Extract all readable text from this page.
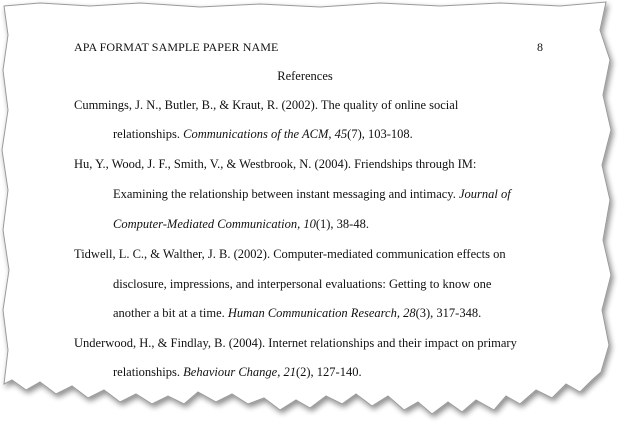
APA FORMAT SAMPLE PAPER NAME	8
References
Cummings, J. N., Butler, B., & Kraut, R. (2002). The quality of online social
relationships. Communications of the ACM, 45(7), 103-108.
Hu, Y., Wood, J. F., Smith, V., & Westbrook, N. (2004). Friendships through IM:
Examining the relationship between instant messaging and intimacy. Journal of
Computer-Mediated Communication, 10(1), 38-48.
Tidwell, L. C., & Walther, J. B. (2002). Computer-mediated communication effects on
disclosure, impressions, and interpersonal evaluations: Getting to know one
another a bit at a time. Human Communication Research, 28(3), 317-348.
Underwood, H., & Findlay, B. (2004). Internet relationships and their impact on primary
relationships. Behaviour Change, 21(2), 127-140.
